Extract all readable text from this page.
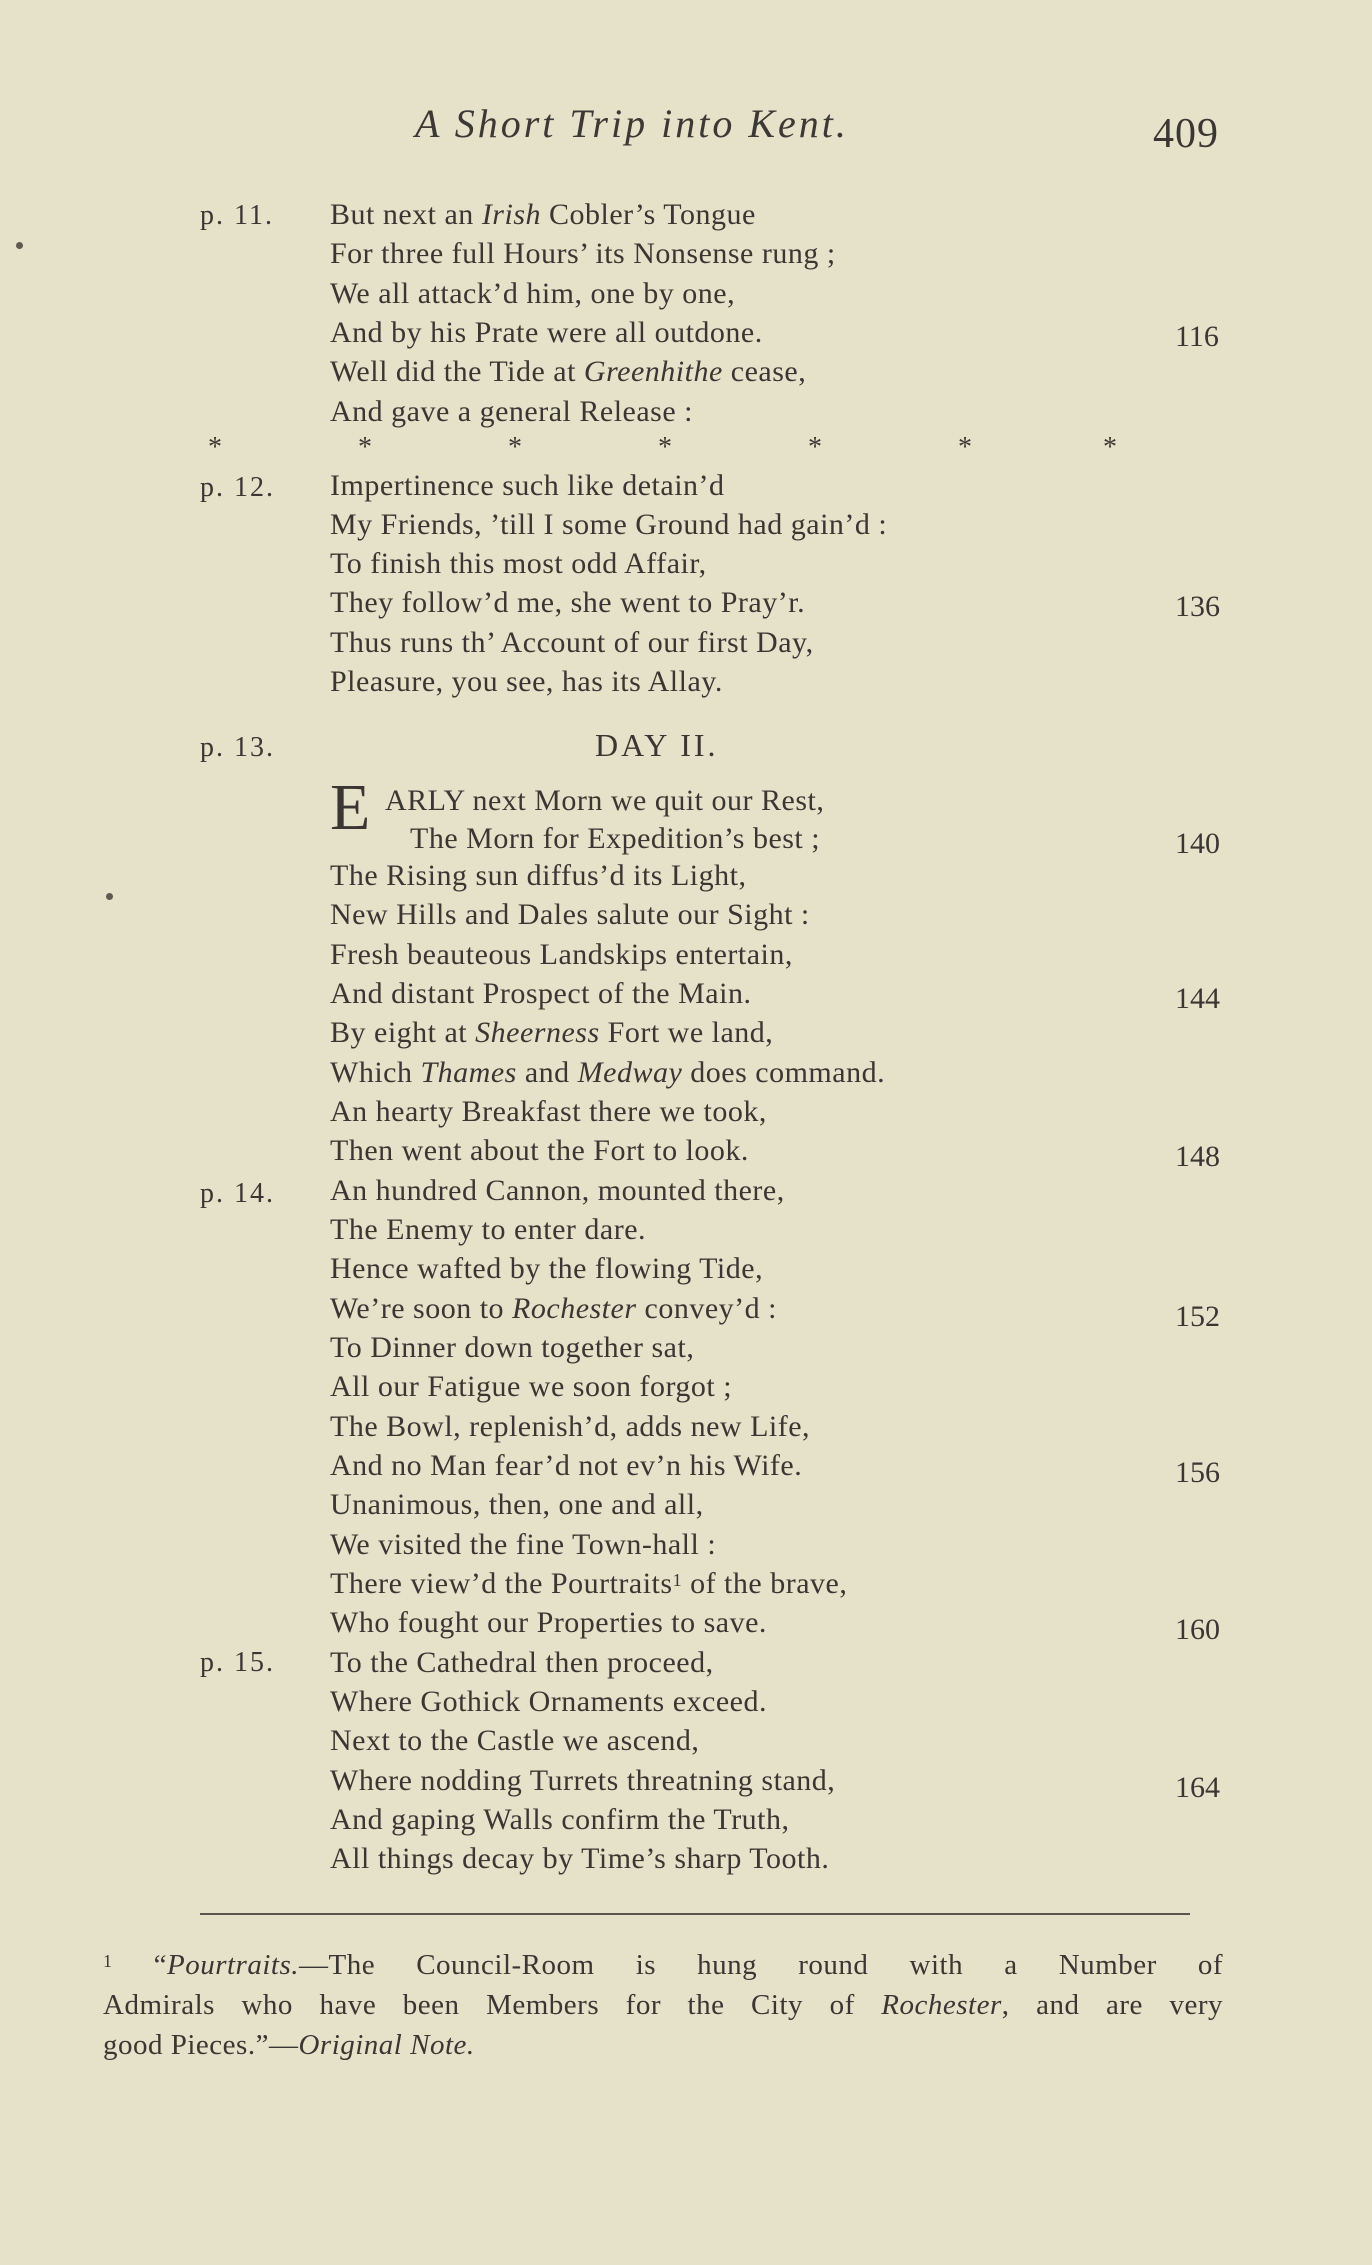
A Short Trip into Kent.	409
p. 11.
p. 12.
p. 13.
p. 14.
p. 15.
116
136
140
144
148
152
156
160
164
But next an Irish Cobler’s Tongue
For three full Hours’ its Nonsense rung ;
We all attack’d him, one by one,
And by his Prate were all outdone.
Well did the Tide at Greenhithe cease,
And gave a general Release :
*	*	*	*	*	*	*
Impertinence such like detain’d
My Friends, ’till I some Ground had gain’d :
To finish this most odd Affair,
They follow’d me, she went to Pray’r.
Thus runs th’ Account of our first Day,
Pleasure, you see, has its Allay.
DAY II.
E ARLY next Morn we quit our Rest,
The Morn for Expedition’s best ;
The Rising sun diffus’d its Light,
New Hills and Dales salute our Sight :
Fresh beauteous Landskips entertain,
And distant Prospect of the Main.
By eight at Sheerness Fort we land,
Which Thames and Medway does command.
An hearty Breakfast there we took,
Then went about the Fort to look.
An hundred Cannon, mounted there,
The Enemy to enter dare.
Hence wafted by the flowing Tide,
We’re soon to Rochester convey’d :
To Dinner down together sat,
All our Fatigue we soon forgot ;
The Bowl, replenish’d, adds new Life,
And no Man fear’d not ev’n his Wife.
Unanimous, then, one and all,
We visited the fine Town-hall :
There view’d the Pourtraits$^1$ of the brave,
Who fought our Properties to save.
To the Cathedral then proceed,
Where Gothick Ornaments exceed.
Next to the Castle we ascend,
Where nodding Turrets threatning stand,
And gaping Walls confirm the Truth,
All things decay by Time’s sharp Tooth.
$^1$ “Pourtraits.—The Council-Room is hung round with a Number of
Admirals who have been Members for the City of Rochester, and are very
good Pieces.”—Original Note.
